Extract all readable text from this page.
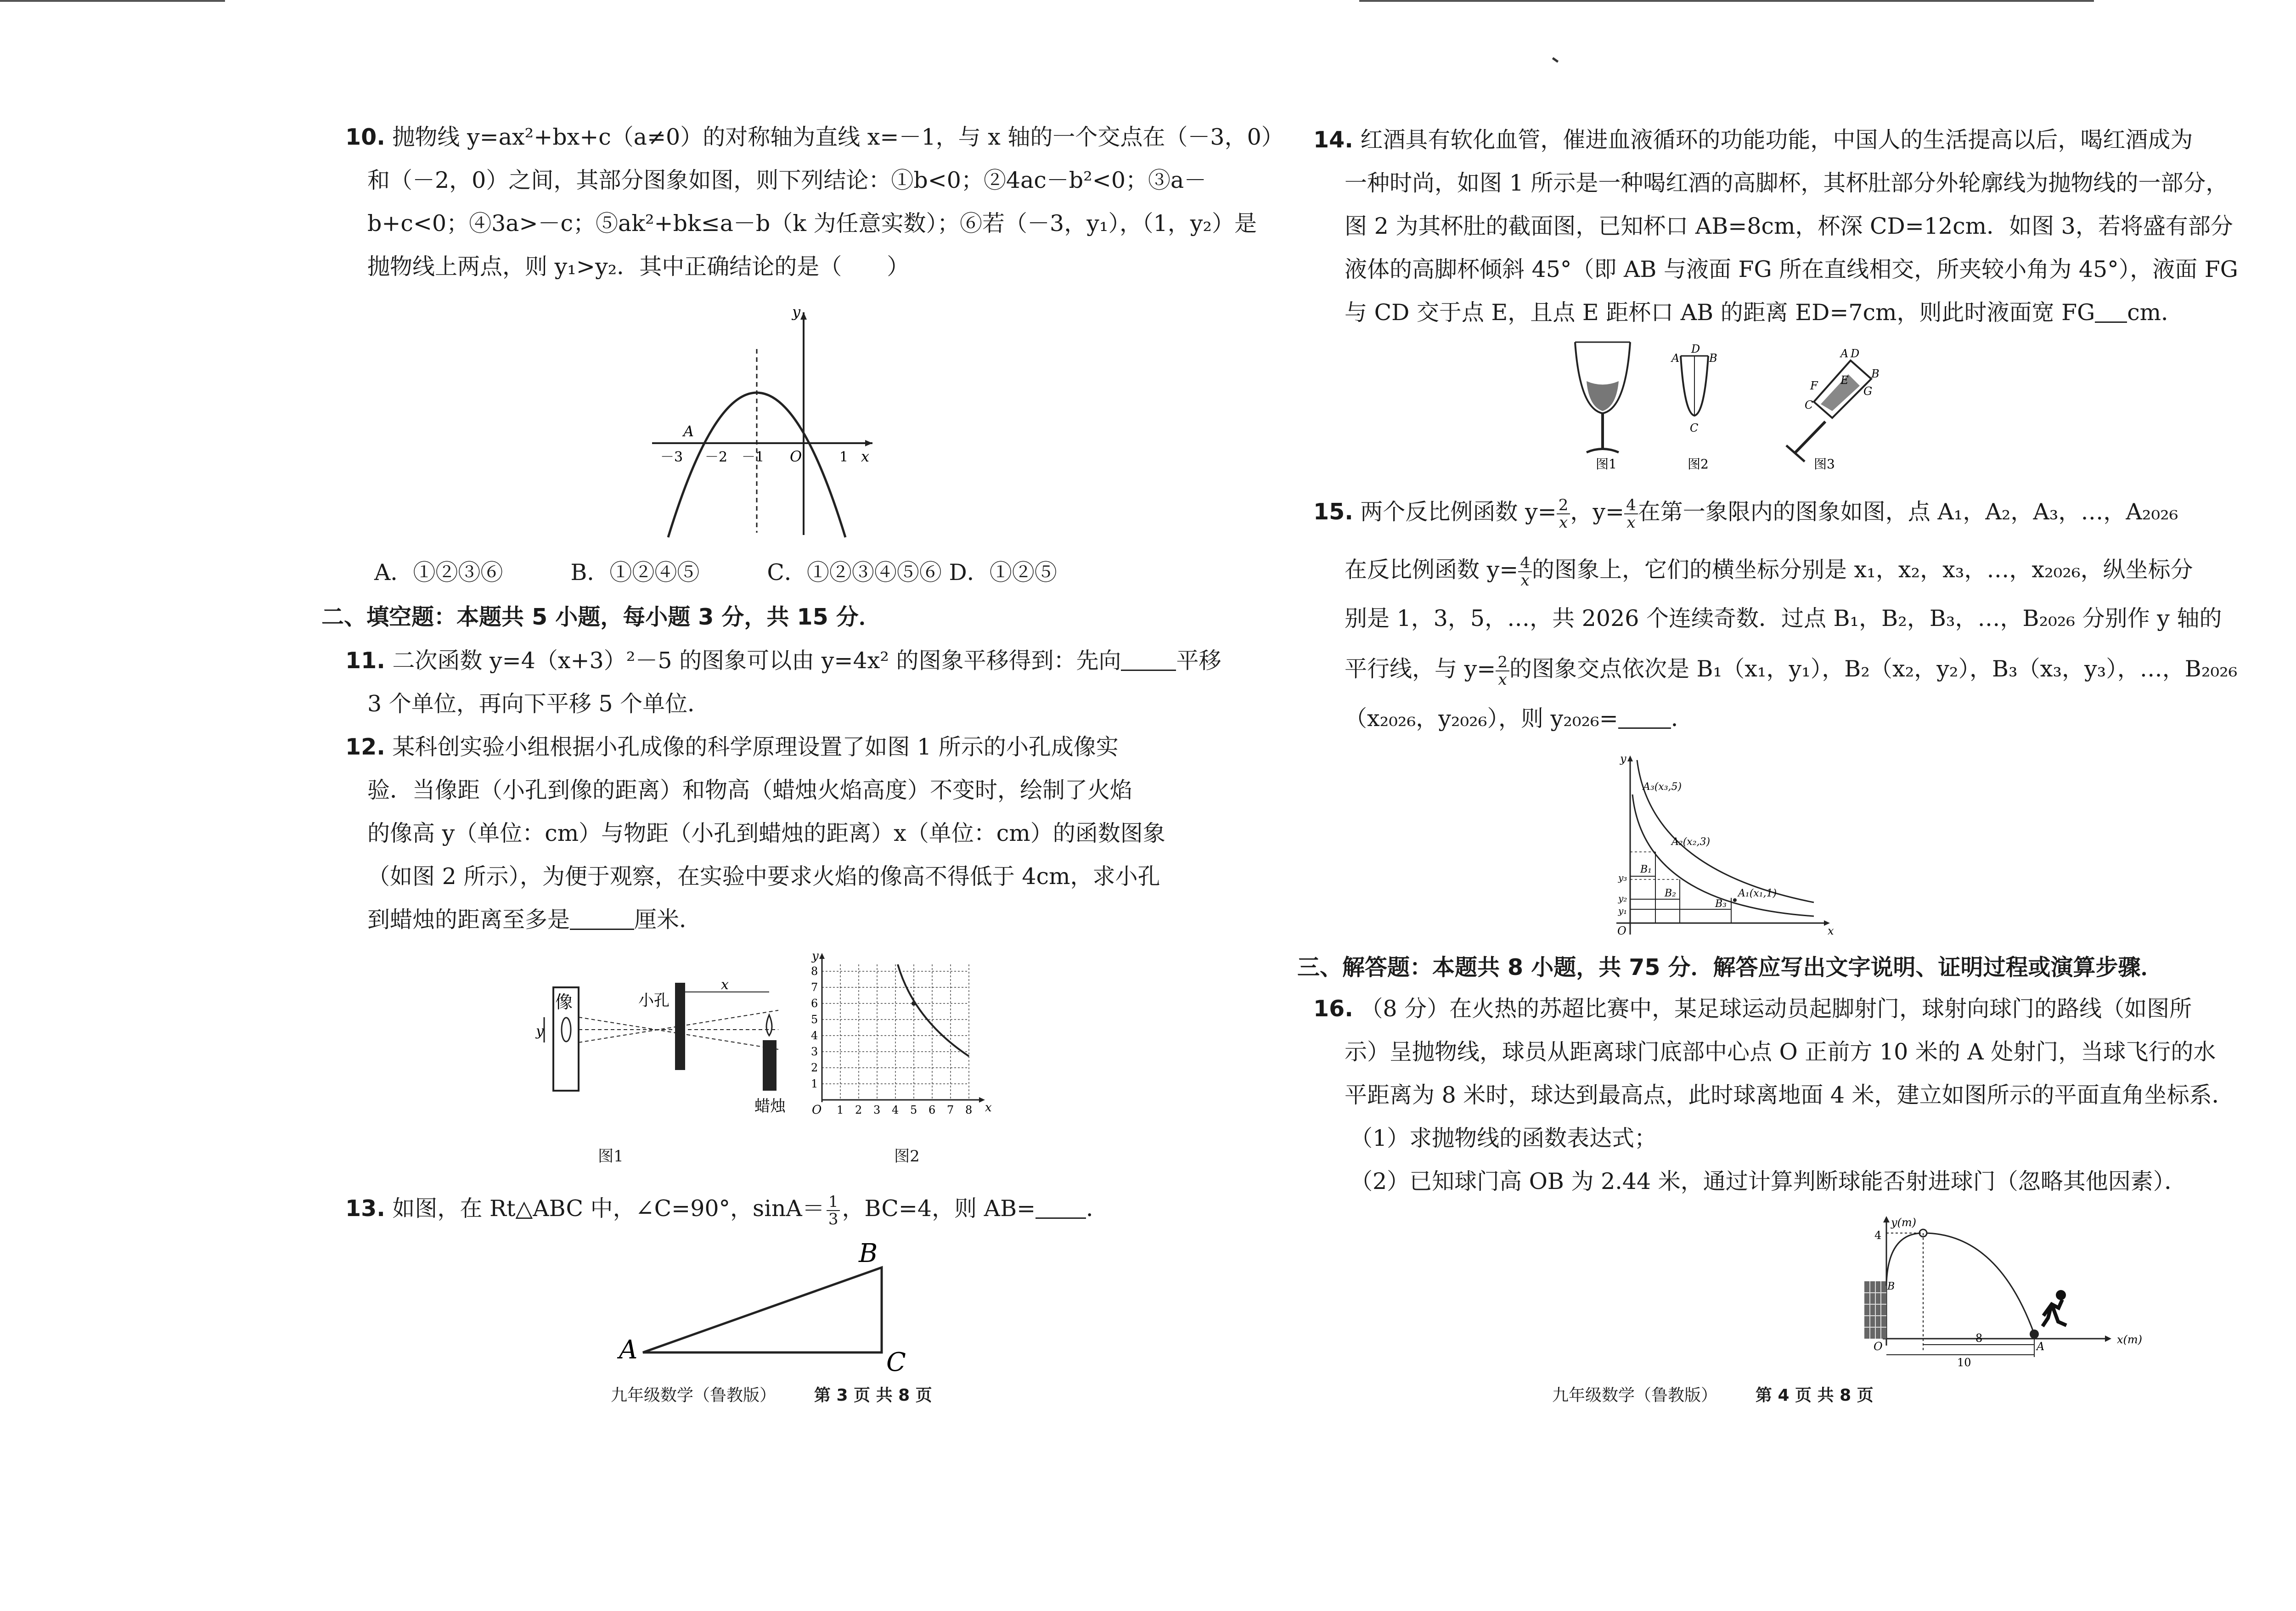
10. 抛物线 y=ax²+bx+c（a≠0）的对称轴为直线 x=－1，与 x 轴的一个交点在（－3，0）
和（－2，0）之间，其部分图象如图，则下列结论：①b<0；②4ac－b²<0；③a－
b+c<0；④3a>－c；⑤ak²+bk≤a－b（k 为任意实数）；⑥若（－3，y₁），（1，y₂）是
抛物线上两点，则 y₁>y₂．其中正确结论的是（　　）
y
x
A
O
－3 －2 －1	1
A．①②③⑥　　　B．①②④⑤　　　C．①②③④⑤⑥ D．①②⑤
二、填空题：本题共 5 小题，每小题 3 分，共 15 分．
11. 二次函数 y=4（x+3）²－5 的图象可以由 y=4x² 的图象平移得到：先向 平移
3 个单位，再向下平移 5 个单位．
12. 某科创实验小组根据小孔成像的科学原理设置了如图 1 所示的小孔成像实
验．当像距（小孔到像的距离）和物高（蜡烛火焰高度）不变时，绘制了火焰
的像高 y（单位：cm）与物距（小孔到蜡烛的距离）x（单位：cm）的函数图象
（如图 2 所示），为便于观察，在实验中要求火焰的像高不得低于 4cm，求小孔
到蜡烛的距离至多是	厘米．
像
y
小孔
x
蜡烛
图1
y
x
O
1
2
3
4
5
6
7
8
1 2 3 4 5 6 7 8
图2
13. 如图，在 Rt△ABC 中，∠C=90°，$\sin A= \frac{1}{3}$ ，BC=4，则 AB= ．
A
B
C
九年级数学（鲁教版） 第 3 页 共 8 页
14. 红酒具有软化血管，催进血液循环的功能功能，中国人的生活提高以后，喝红酒成为
一种时尚，如图 1 所示是一种喝红酒的高脚杯，其杯肚部分外轮廓线为抛物线的一部分，
图 2 为其杯肚的截面图，已知杯口 AB=8cm，杯深 CD=12cm．如图 3，若将盛有部分
液体的高脚杯倾斜 45°（即 AB 与液面 FG 所在直线相交，所夹较小角为 45°），液面 FG
与 CD 交于点 E，且点 E 距杯口 AB 的距离 ED=7cm，则此时液面宽 FG cm．
图1
A	B
D
C
图2
D
B
A
F E
G
C
图3
15. 两个反比例函数 $y= \frac{2}{x}$ ，$y= \frac{4}{x}$ 在第一象限内的图象如图，点 A₁，A₂，A₃，…，A₂₀₂₆
在反比例函数 $y= \frac{4}{x}$ 的图象上，它们的横坐标分别是 x₁，x₂，x₃，…，x₂₀₂₆，纵坐标分
别是 1，3，5，…，共 2026 个连续奇数．过点 B₁，B₂，B₃，…，B₂₀₂₆ 分别作 y 轴的
平行线，与 $y= \frac{2}{x}$ 的图象交点依次是 B₁（x₁，y₁），B₂（x₂，y₂），B₃（x₃，y₃），…，B₂₀₂₆
（x₂₀₂₆，y₂₀₂₆），则 y₂₀₂₆= ．
y
x
O
A₃(x₃,5)
A₂(x₂,3)
A₁(x₁,1)
B₁
B₂
B₃
y₃
y₂
y₁
三、解答题：本题共 8 小题，共 75 分．解答应写出文字说明、证明过程或演算步骤．
16. （8 分）在火热的苏超比赛中，某足球运动员起脚射门，球射向球门的路线（如图所
示）呈抛物线，球员从距离球门底部中心点 O 正前方 10 米的 A 处射门，当球飞行的水
平距离为 8 米时，球达到最高点，此时球离地面 4 米，建立如图所示的平面直角坐标系．
（1）求抛物线的函数表达式；
（2）已知球门高 OB 为 2.44 米，通过计算判断球能否射进球门（忽略其他因素）．
y(m)
x(m)
O
4
B
A
8
10
九年级数学（鲁教版） 第 4 页 共 8 页
